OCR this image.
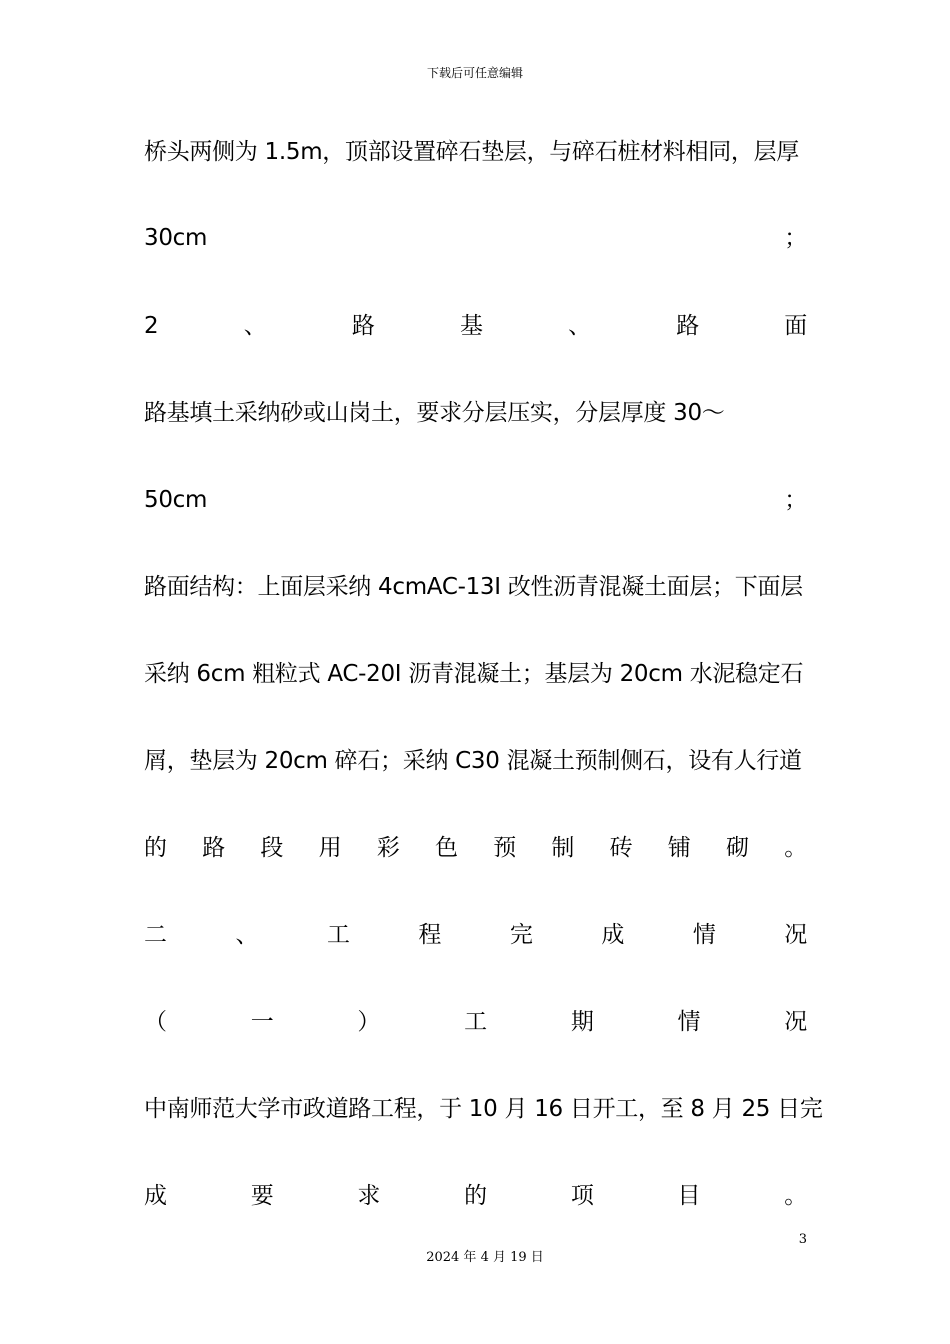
下载后可任意编辑
桥头两侧为 1.5m，顶部设置碎石垫层，与碎石桩材料相同，层厚
30cm	；
2	、	路	基	、	路	面
路基填土采纳砂或山岗土，要求分层压实，分层厚度 30～
50cm	；
路面结构：上面层采纳 4cmAC-13I 改性沥青混凝土面层；下面层
采纳 6cm 粗粒式 AC-20I 沥青混凝土；基层为 20cm 水泥稳定石
屑，垫层为 20cm 碎石；采纳 C30 混凝土预制侧石，设有人行道
的 路 段 用 彩 色 预 制 砖 铺 砌 。
二	、	工	程	完	成	情	况
（	一	）	工	期	情	况
中南师范大学市政道路工程，于 10 月 16 日开工，至 8 月 25 日完
成	要	求	的	项	目	。
3
2024 年 4 月 19 日
